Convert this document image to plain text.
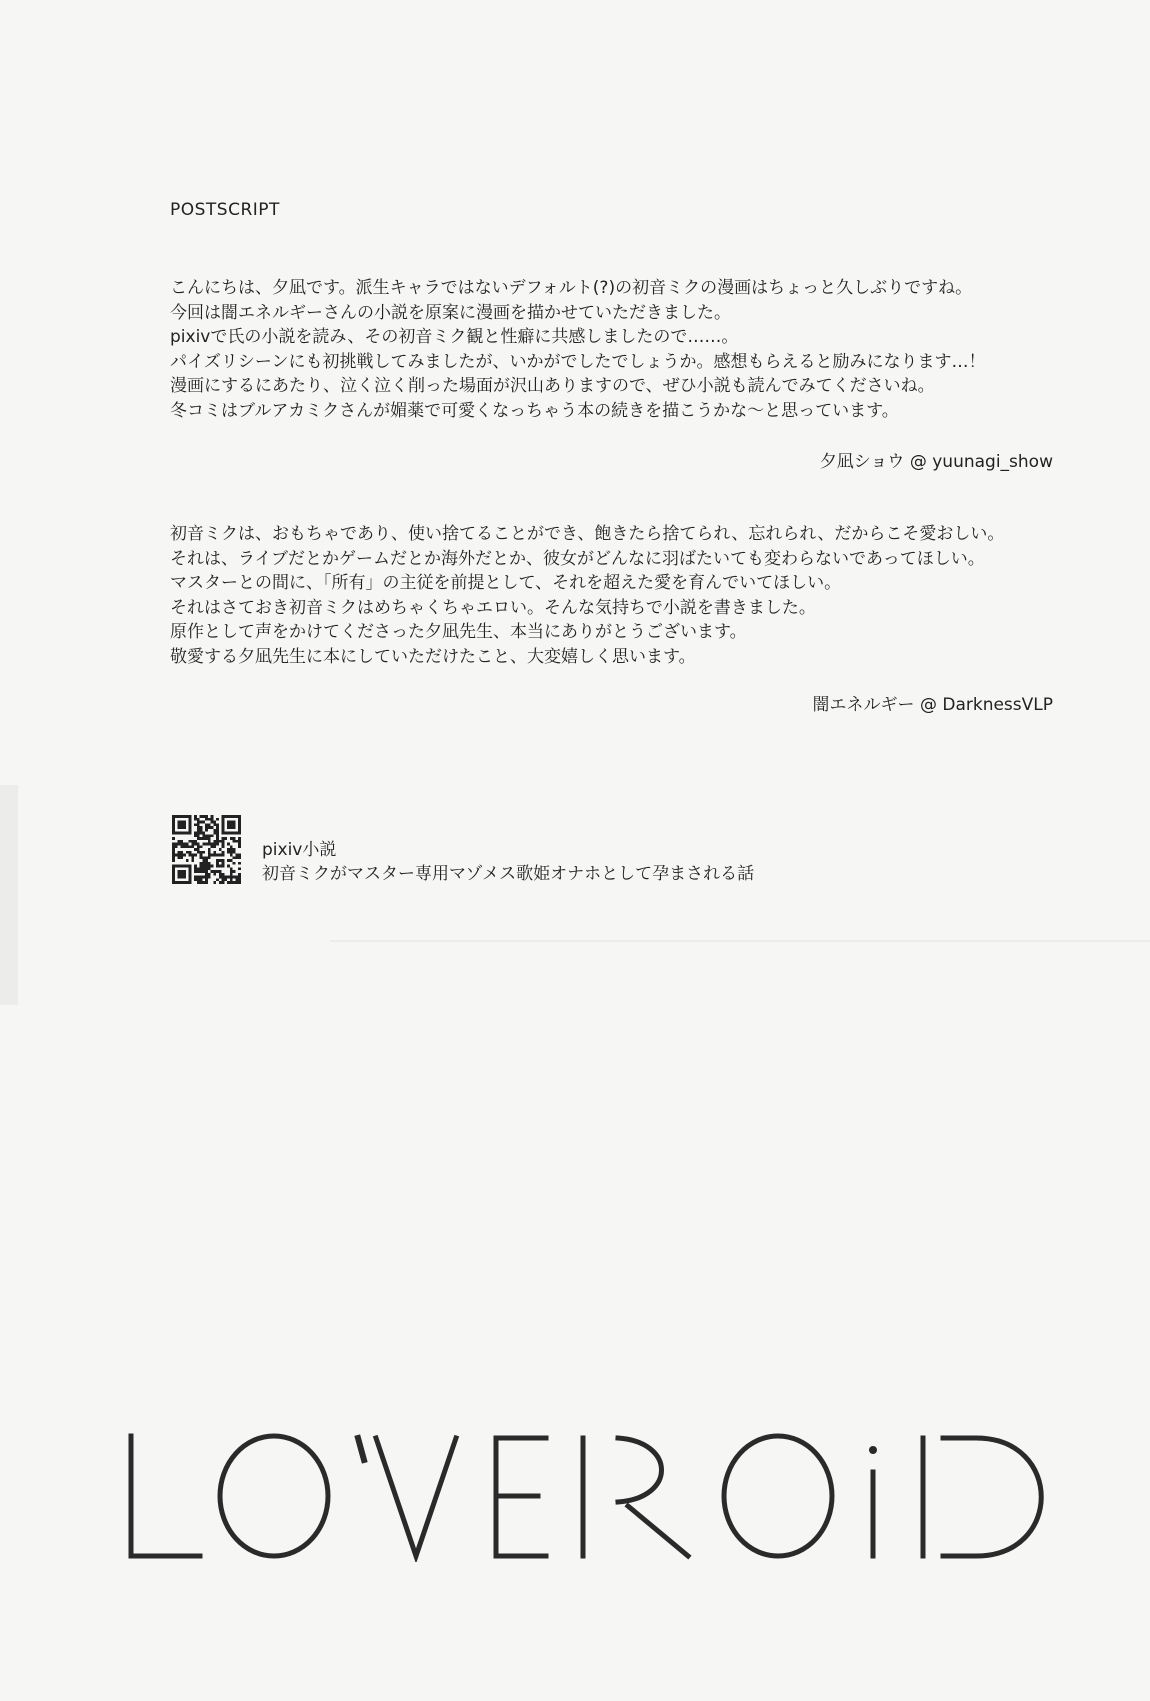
POSTSCRIPT

こんにちは、夕凪です。派生キャラではないデフォルト(?)の初音ミクの漫画はちょっと久しぶりですね。

今回は闇エネルギーさんの小説を原案に漫画を描かせていただきました。

pixivで氏の小説を読み、その初音ミク観と性癖に共感しましたので……。

パイズリシーンにも初挑戦してみましたが、いかがでしたでしょうか。感想もらえると励みになります…！

漫画にするにあたり、泣く泣く削った場面が沢山ありますので、ぜひ小説も読んでみてくださいね。

冬コミはブルアカミクさんが媚薬で可愛くなっちゃう本の続きを描こうかな〜と思っています。

夕凪ショウ @ yuunagi_show

初音ミクは、おもちゃであり、使い捨てることができ、飽きたら捨てられ、忘れられ、だからこそ愛おしい。

それは、ライブだとかゲームだとか海外だとか、彼女がどんなに羽ばたいても変わらないであってほしい。

マスターとの間に、「所有」の主従を前提として、それを超えた愛を育んでいてほしい。

それはさておき初音ミクはめちゃくちゃエロい。そんな気持ちで小説を書きました。

原作として声をかけてくださった夕凪先生、本当にありがとうございます。

敬愛する夕凪先生に本にしていただけたこと、大変嬉しく思います。

闇エネルギー @ DarknessVLP
pixiv小説
初音ミクがマスター専用マゾメス歌姫オナホとして孕まされる話
